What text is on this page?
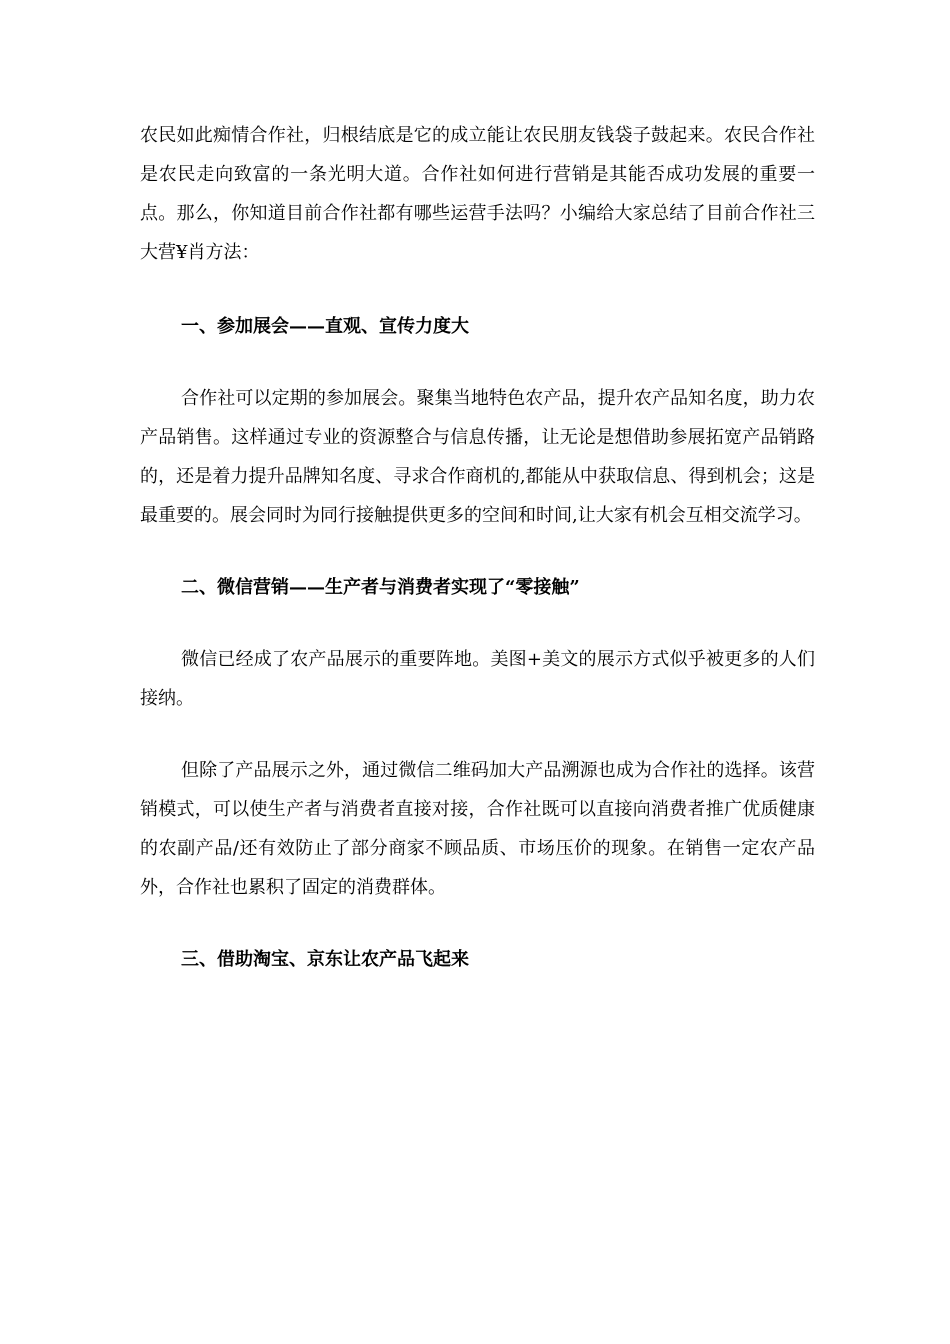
农民如此痴情合作社，归根结底是它的成立能让农民朋友钱袋子鼓起来。农民合作社是农民走向致富的一条光明大道。合作社如何进行营销是其能否成功发展的重要一点。那么，你知道目前合作社都有哪些运营手法吗？小编给大家总结了目前合作社三大营¥肖方法：

一、参加展会——直观、宣传力度大

合作社可以定期的参加展会。聚集当地特色农产品，提升农产品知名度，助力农产品销售。这样通过专业的资源整合与信息传播，让无论是想借助参展拓宽产品销路的，还是着力提升品牌知名度、寻求合作商机的,都能从中获取信息、得到机会；这是最重要的。展会同时为同行接触提供更多的空间和时间,让大家有机会互相交流学习。

二、微信营销——生产者与消费者实现了“零接触”

微信已经成了农产品展示的重要阵地。美图+美文的展示方式似乎被更多的人们接纳。

但除了产品展示之外，通过微信二维码加大产品溯源也成为合作社的选择。该营销模式，可以使生产者与消费者直接对接，合作社既可以直接向消费者推广优质健康的农副产品/还有效防止了部分商家不顾品质、市场压价的现象。在销售一定农产品外，合作社也累积了固定的消费群体。

三、借助淘宝、京东让农产品飞起来
